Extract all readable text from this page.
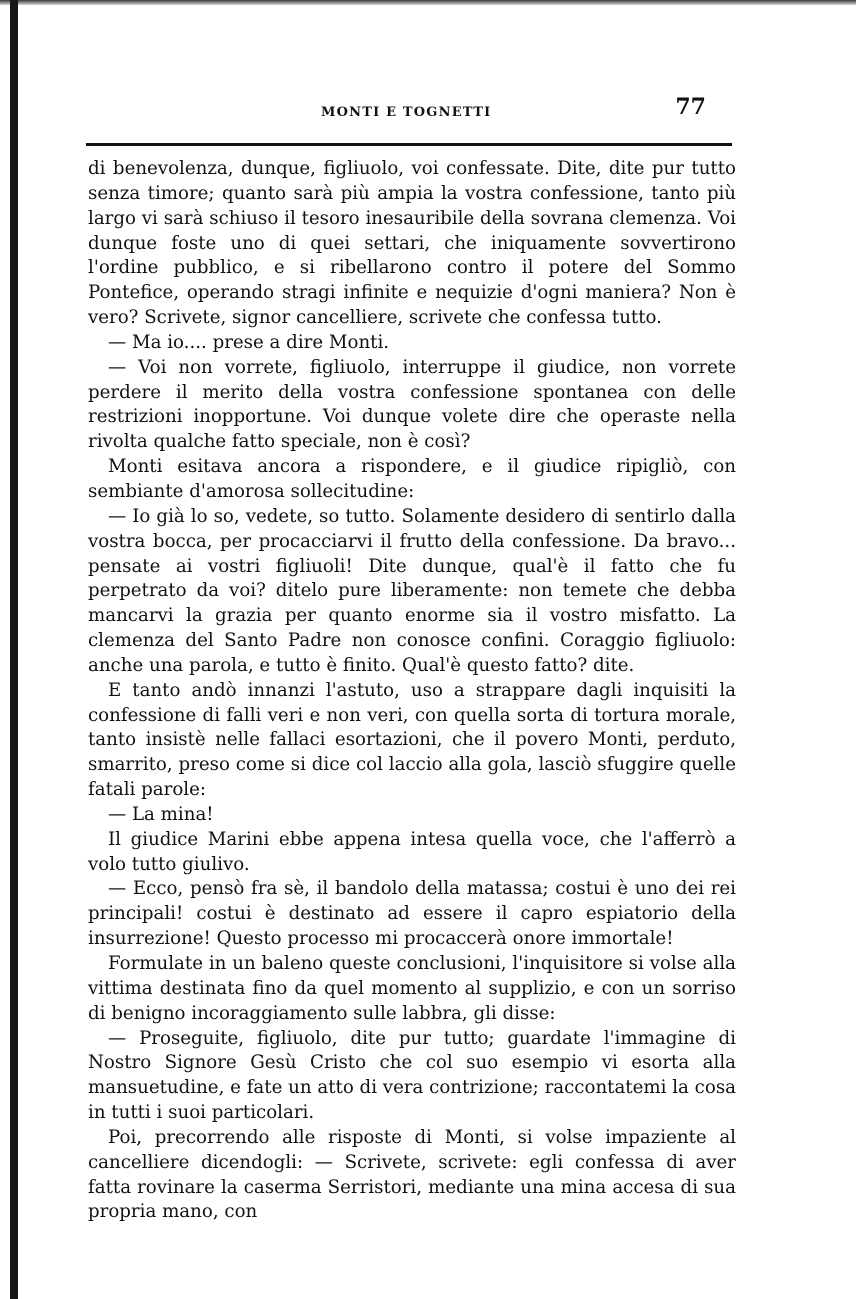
MONTI E TOGNETTI	77

di benevolenza, dunque, figliuolo, voi confessate. Dite, dite pur tutto senza timore; quanto sarà più ampia la vostra confessione, tanto più largo vi sarà schiuso il tesoro inesauribile della sovrana clemenza. Voi dunque foste uno di quei settari, che iniquamente sovvertirono l'ordine pubblico, e si ribellarono contro il potere del Sommo Pontefice, operando stragi infinite e nequizie d'ogni maniera? Non è vero? Scrivete, signor cancelliere, scrivete che confessa tutto.

— Ma io.... prese a dire Monti.

— Voi non vorrete, figliuolo, interruppe il giudice, non vorrete perdere il merito della vostra confessione spontanea con delle restrizioni inopportune. Voi dunque volete dire che operaste nella rivolta qualche fatto speciale, non è così?

Monti esitava ancora a rispondere, e il giudice ripigliò, con sembiante d'amorosa sollecitudine:

— Io già lo so, vedete, so tutto. Solamente desidero di sentirlo dalla vostra bocca, per procacciarvi il frutto della confessione. Da bravo... pensate ai vostri figliuoli! Dite dunque, qual'è il fatto che fu perpetrato da voi? ditelo pure liberamente: non temete che debba mancarvi la grazia per quanto enorme sia il vostro misfatto. La clemenza del Santo Padre non conosce confini. Coraggio figliuolo: anche una parola, e tutto è finito. Qual'è questo fatto? dite.

E tanto andò innanzi l'astuto, uso a strappare dagli inquisiti la confessione di falli veri e non veri, con quella sorta di tortura morale, tanto insistè nelle fallaci esortazioni, che il povero Monti, perduto, smarrito, preso come si dice col laccio alla gola, lasciò sfuggire quelle fatali parole:

— La mina!

Il giudice Marini ebbe appena intesa quella voce, che l'afferrò a volo tutto giulivo.

— Ecco, pensò fra sè, il bandolo della matassa; costui è uno dei rei principali! costui è destinato ad essere il capro espiatorio della insurrezione! Questo processo mi procaccerà onore immortale!

Formulate in un baleno queste conclusioni, l'inquisitore si volse alla vittima destinata fino da quel momento al supplizio, e con un sorriso di benigno incoraggiamento sulle labbra, gli disse:

— Proseguite, figliuolo, dite pur tutto; guardate l'immagine di Nostro Signore Gesù Cristo che col suo esempio vi esorta alla mansuetudine, e fate un atto di vera contrizione; raccontatemi la cosa in tutti i suoi particolari.

Poi, precorrendo alle risposte di Monti, si volse impaziente al cancelliere dicendogli: — Scrivete, scrivete: egli confessa di aver fatta rovinare la caserma Serristori, mediante una mina accesa di sua propria mano, con
